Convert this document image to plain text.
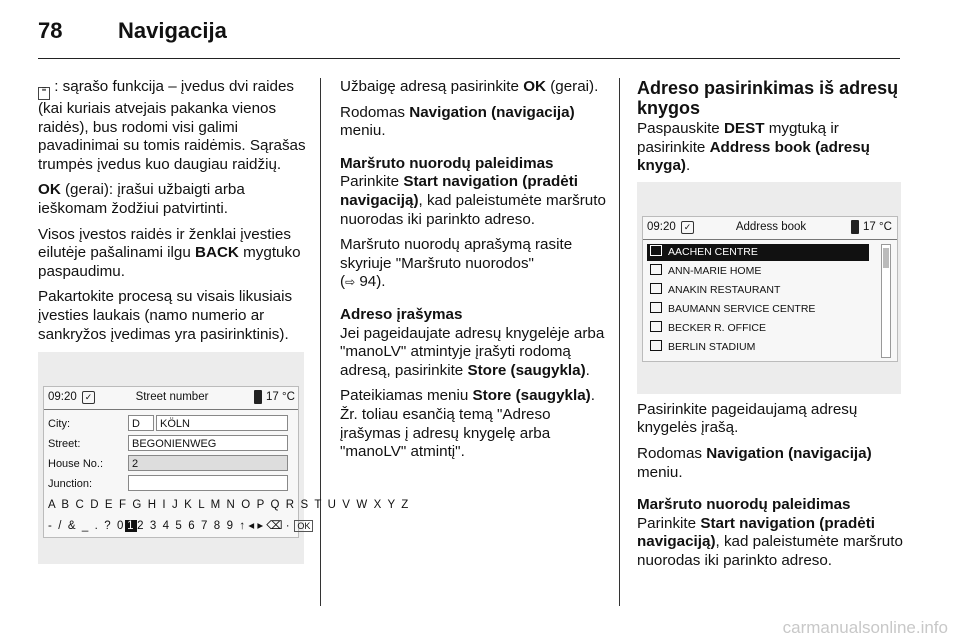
78	Navigacija

≡ : sąrašo funkcija – įvedus dvi raides (kai kuriais atvejais pakanka vienos raidės), bus rodomi visi galimi pavadinimai su tomis raidėmis. Sąrašas trumpės įvedus kuo daugiau raidžių.

OK (gerai): įrašui užbaigti arba ieškomam žodžiui patvirtinti.

Visos įvestos raidės ir ženklai įvesties eilutėje pašalinami ilgu BACK mygtuko paspaudimu.

Pakartokite procesą su visais likusiais įvesties laukais (namo numerio ar sankryžos įvedimas yra pasirinktinis).

09:20 ✓	Street number	17 °C
City:	D	KÖLN
Street:	BEGONIENWEG
House No.:	2
Junction:
A B C D E F G H I J K L M N O P Q R S T U V W X Y Z
- / & _ . ? 0 1 2 3 4 5 6 7 8 9 ↑ ◂ ▸ ⌫ · OK

Užbaigę adresą pasirinkite OK (gerai).

Rodomas Navigation (navigacija) meniu.

Maršruto nuorodų paleidimas

Parinkite Start navigation (pradėti navigaciją), kad paleistumėte maršruto nuorodas iki parinkto adreso.

Maršruto nuorodų aprašymą rasite skyriuje "Maršruto nuorodos"
(⇨ 94).

Adreso įrašymas

Jei pageidaujate adresų knygelėje arba "manoLV" atmintyje įrašyti rodomą adresą, pasirinkite Store (saugykla).

Pateikiamas meniu Store (saugykla). Žr. toliau esančią temą "Adreso įrašymas į adresų knygelę arba "manoLV" atmintį".

Adreso pasirinkimas iš adresų knygos

Paspauskite DEST mygtuką ir pasirinkite Address book (adresų knyga).

Pasirinkite pageidaujamą adresų knygelės įrašą.

Rodomas Navigation (navigacija) meniu.

Maršruto nuorodų paleidimas

Parinkite Start navigation (pradėti navigaciją), kad paleistumėte maršruto nuorodas iki parinkto adreso.

09:20 ✓	Address book	17 °C
AACHEN CENTRE
ANN-MARIE HOME
ANAKIN RESTAURANT
BAUMANN SERVICE CENTRE
BECKER R. OFFICE
BERLIN STADIUM
carmanualsonline.info
